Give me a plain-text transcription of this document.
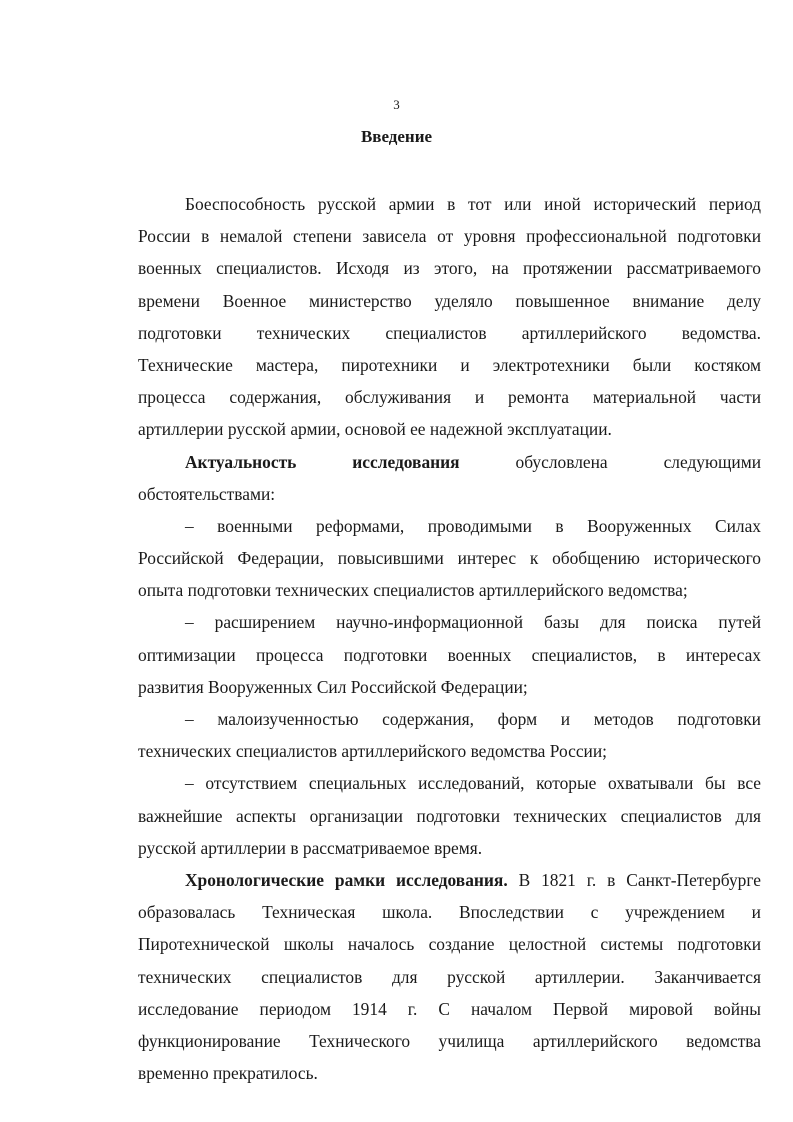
3
Введение
Боеспособность русской армии в тот или иной исторический период
России в немалой степени зависела от уровня профессиональной подготовки
военных специалистов. Исходя из этого, на протяжении рассматриваемого
времени Военное министерство уделяло повышенное внимание делу
подготовки технических специалистов артиллерийского ведомства.
Технические мастера, пиротехники и электротехники были костяком
процесса содержания, обслуживания и ремонта материальной части
артиллерии русской армии, основой ее надежной эксплуатации.
Актуальность исследования обусловлена следующими
обстоятельствами:
– военными реформами, проводимыми в Вооруженных Силах
Российской Федерации, повысившими интерес к обобщению исторического
опыта подготовки технических специалистов артиллерийского ведомства;
– расширением научно-информационной базы для поиска путей
оптимизации процесса подготовки военных специалистов, в интересах
развития Вооруженных Сил Российской Федерации;
– малоизученностью содержания, форм и методов подготовки
технических специалистов артиллерийского ведомства России;
– отсутствием специальных исследований, которые охватывали бы все
важнейшие аспекты организации подготовки технических специалистов для
русской артиллерии в рассматриваемое время.
Хронологические рамки исследования. В 1821 г. в Санкт-Петербурге
образовалась Техническая школа. Впоследствии с учреждением и
Пиротехнической школы началось создание целостной системы подготовки
технических специалистов для русской артиллерии. Заканчивается
исследование периодом 1914 г. С началом Первой мировой войны
функционирование Технического училища артиллерийского ведомства
временно прекратилось.
